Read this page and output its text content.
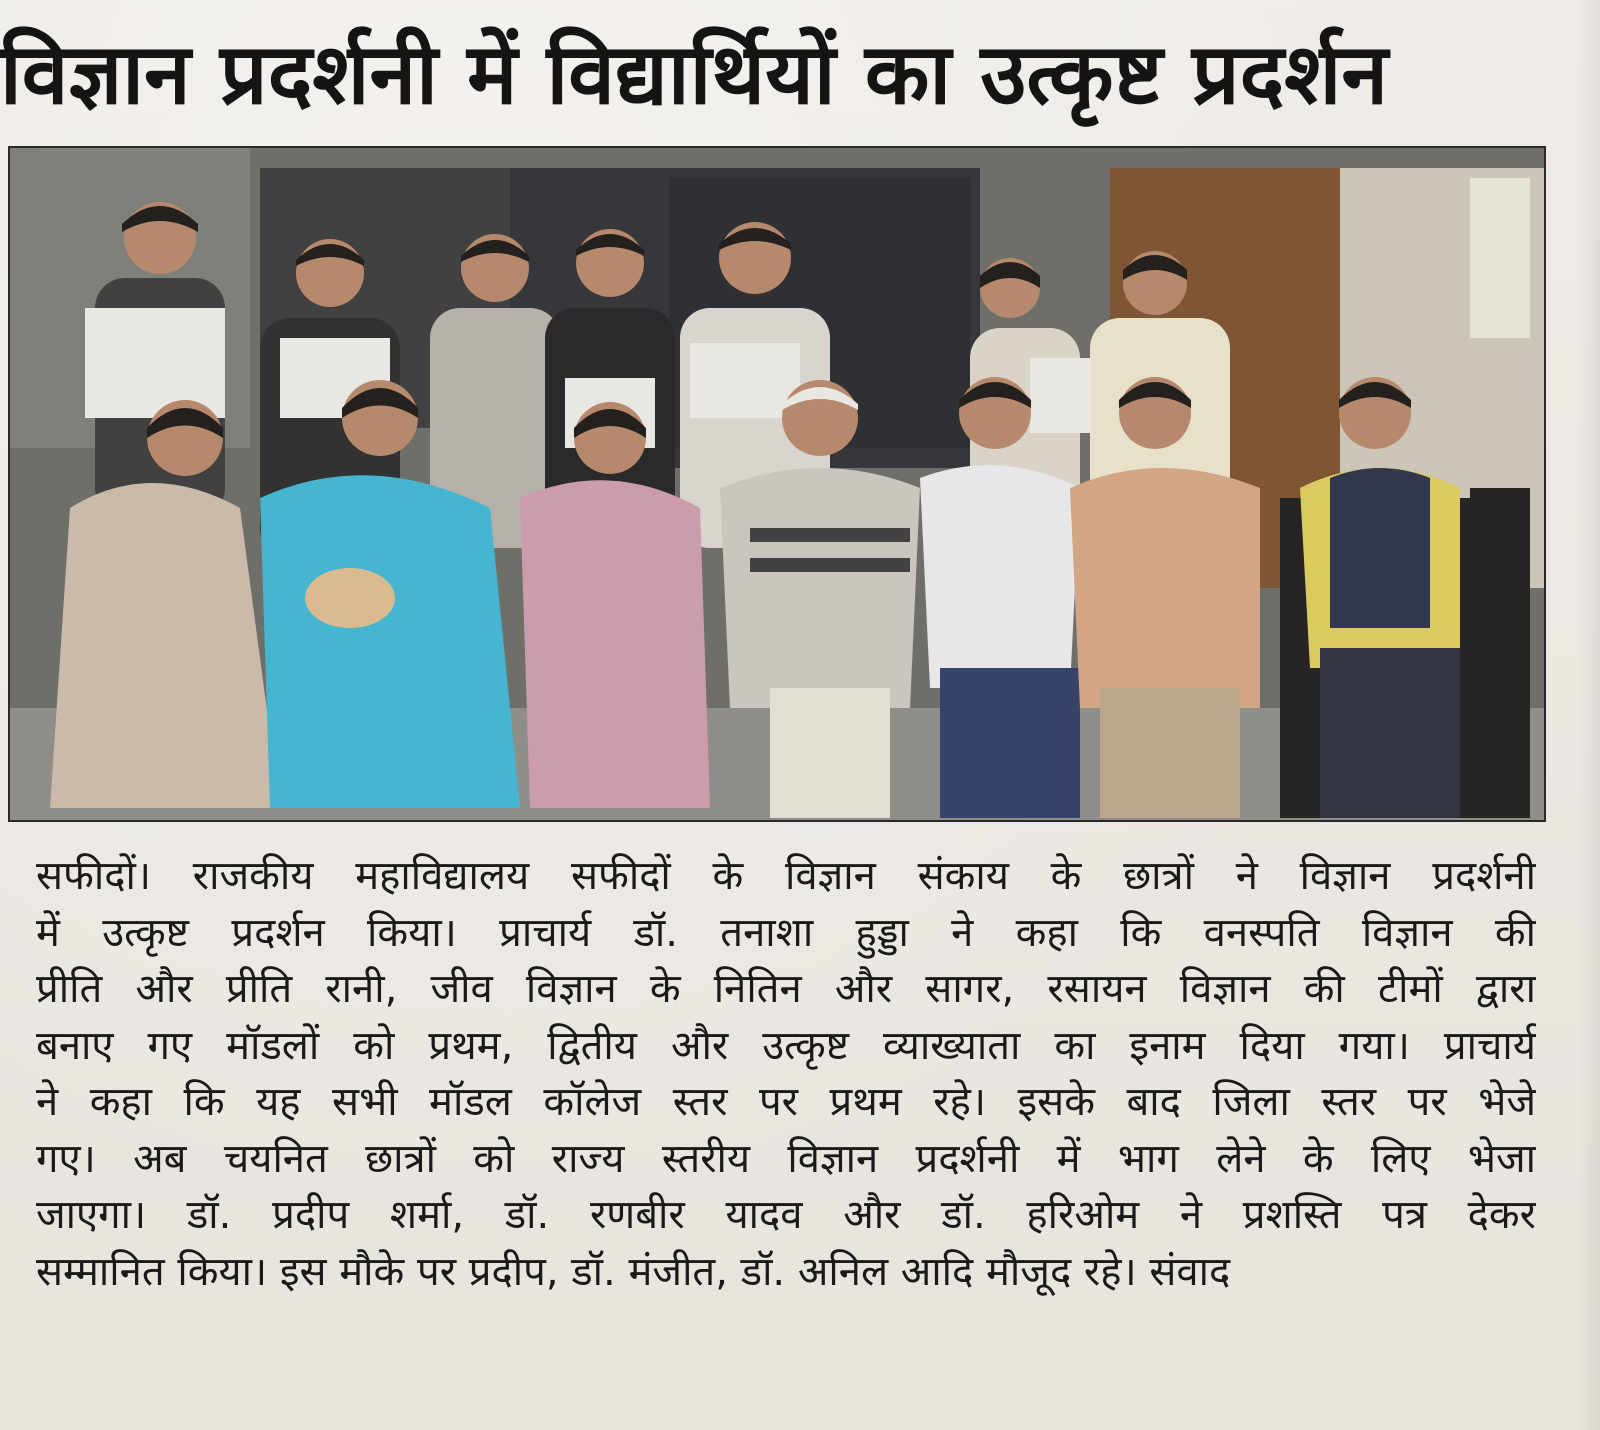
विज्ञान प्रदर्शनी में विद्यार्थियों का उत्कृष्ट प्रदर्शन
सफीदों। राजकीय महाविद्यालय सफीदों के विज्ञान संकाय के छात्रों ने विज्ञान प्रदर्शनी
में उत्कृष्ट प्रदर्शन किया। प्राचार्य डॉ. तनाशा हुड्डा ने कहा कि वनस्पति विज्ञान की
प्रीति और प्रीति रानी, जीव विज्ञान के नितिन और सागर, रसायन विज्ञान की टीमों द्वारा
बनाए गए मॉडलों को प्रथम, द्वितीय और उत्कृष्ट व्याख्याता का इनाम दिया गया। प्राचार्य
ने कहा कि यह सभी मॉडल कॉलेज स्तर पर प्रथम रहे। इसके बाद जिला स्तर पर भेजे
गए। अब चयनित छात्रों को राज्य स्तरीय विज्ञान प्रदर्शनी में भाग लेने के लिए भेजा
जाएगा। डॉ. प्रदीप शर्मा, डॉ. रणबीर यादव और डॉ. हरिओम ने प्रशस्ति पत्र देकर
सम्मानित किया। इस मौके पर प्रदीप, डॉ. मंजीत, डॉ. अनिल आदि मौजूद रहे। संवाद
